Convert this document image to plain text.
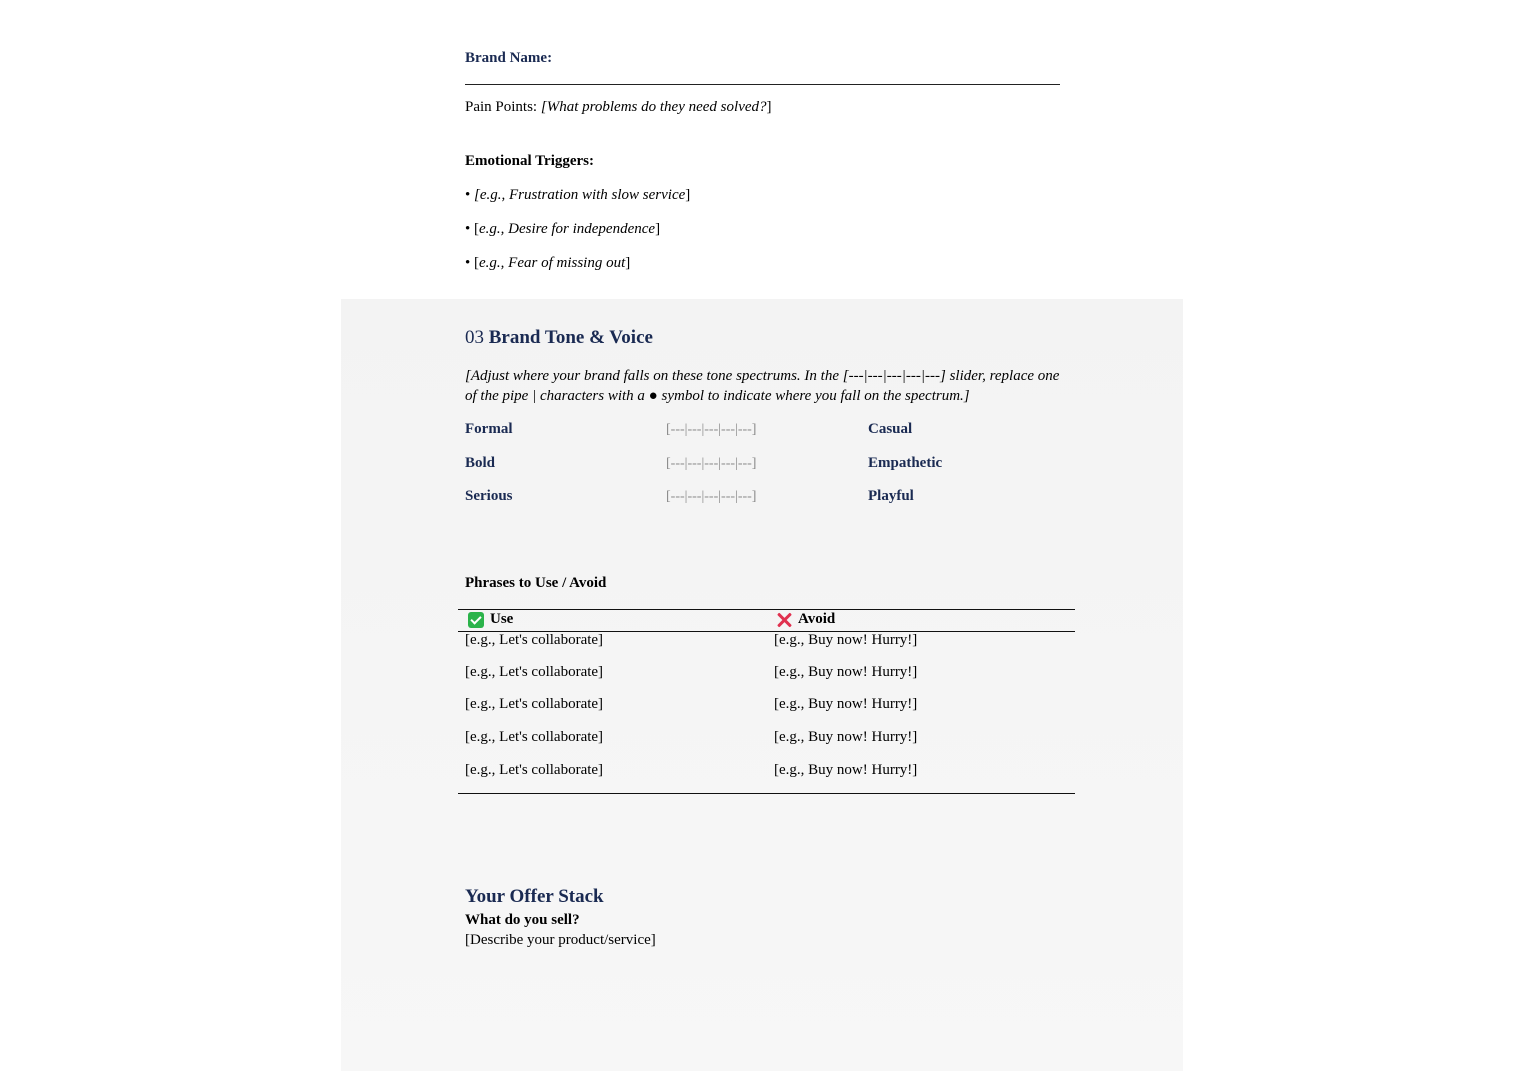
Brand Name:
Pain Points: [What problems do they need solved?]
Emotional Triggers:
• [e.g., Frustration with slow service]
• [e.g., Desire for independence]
• [e.g., Fear of missing out]
03 Brand Tone & Voice
[Adjust where your brand falls on these tone spectrums. In the [---|---|---|---|---] slider, replace one of the pipe | characters with a ● symbol to indicate where you fall on the spectrum.]
Formal	[---|---|---|---|---]	Casual
Bold	[---|---|---|---|---]	Empathetic
Serious	[---|---|---|---|---]	Playful
Phrases to Use / Avoid
Use	Avoid
[e.g., Let's collaborate]	[e.g., Buy now! Hurry!]
[e.g., Let's collaborate]	[e.g., Buy now! Hurry!]
[e.g., Let's collaborate]	[e.g., Buy now! Hurry!]
[e.g., Let's collaborate]	[e.g., Buy now! Hurry!]
[e.g., Let's collaborate]	[e.g., Buy now! Hurry!]
Your Offer Stack
What do you sell?
[Describe your product/service]
